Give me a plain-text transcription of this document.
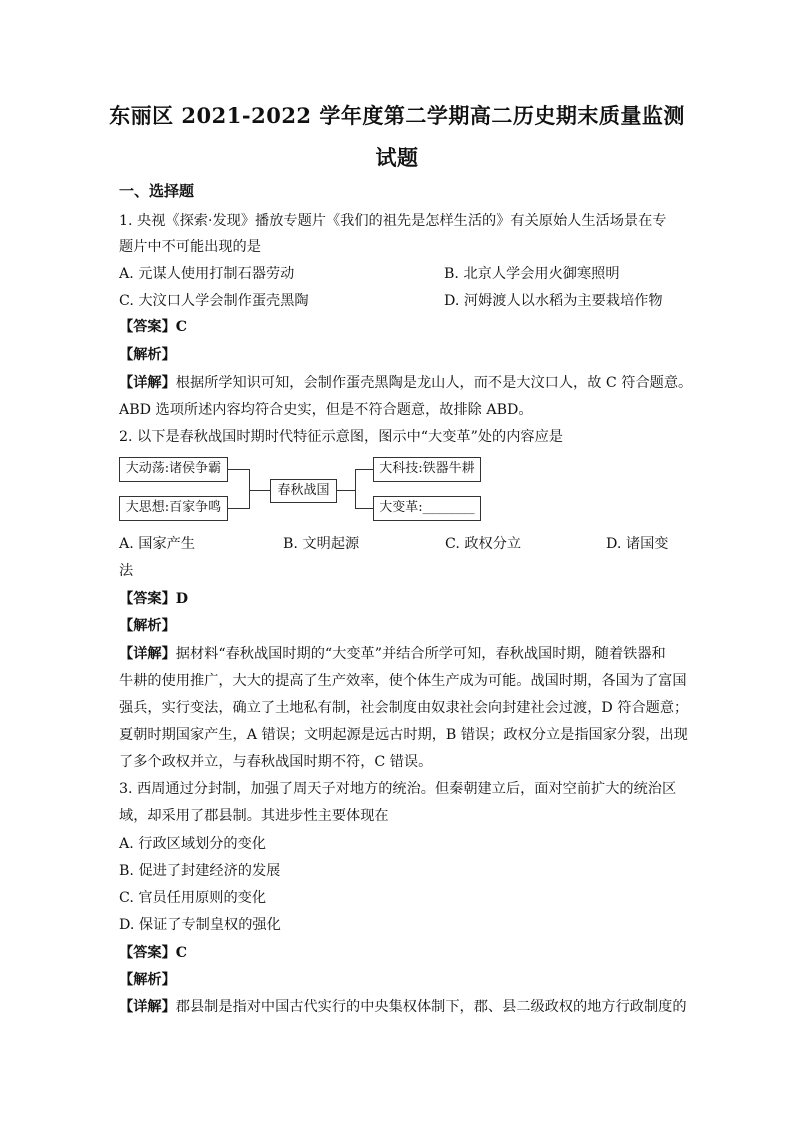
东丽区 2021-2022 学年度第二学期高二历史期末质量监测
试题
一、选择题
1. 央视《探索·发现》播放专题片《我们的祖先是怎样生活的》有关原始人生活场景在专
题片中不可能出现的是
A. 元谋人使用打制石器劳动	B. 北京人学会用火御寒照明
C. 大汶口人学会制作蛋壳黑陶	D. 河姆渡人以水稻为主要栽培作物
【答案】C
【解析】
【详解】根据所学知识可知，会制作蛋壳黑陶是龙山人，而不是大汶口人，故 C 符合题意。
ABD 选项所述内容均符合史实，但是不符合题意，故排除 ABD。
2. 以下是春秋战国时期时代特征示意图，图示中“大变革”处的内容应是
大动荡:诸侯争霸
大思想:百家争鸣
春秋战国
大科技:铁器牛耕
大变革:________
A. 国家产生	B. 文明起源	C. 政权分立	D. 诸国变
法
【答案】D
【解析】
【详解】据材料“春秋战国时期的“大变革”并结合所学可知，春秋战国时期，随着铁器和
牛耕的使用推广，大大的提高了生产效率，使个体生产成为可能。战国时期，各国为了富国
强兵，实行变法，确立了土地私有制，社会制度由奴隶社会向封建社会过渡，D 符合题意；
夏朝时期国家产生，A 错误；文明起源是远古时期，B 错误；政权分立是指国家分裂，出现
了多个政权并立，与春秋战国时期不符，C 错误。
3. 西周通过分封制，加强了周天子对地方的统治。但秦朝建立后，面对空前扩大的统治区
域，却采用了郡县制。其进步性主要体现在
A. 行政区域划分的变化
B. 促进了封建经济的发展
C. 官员任用原则的变化
D. 保证了专制皇权的强化
【答案】C
【解析】
【详解】郡县制是指对中国古代实行的中央集权体制下，郡、县二级政权的地方行政制度的
